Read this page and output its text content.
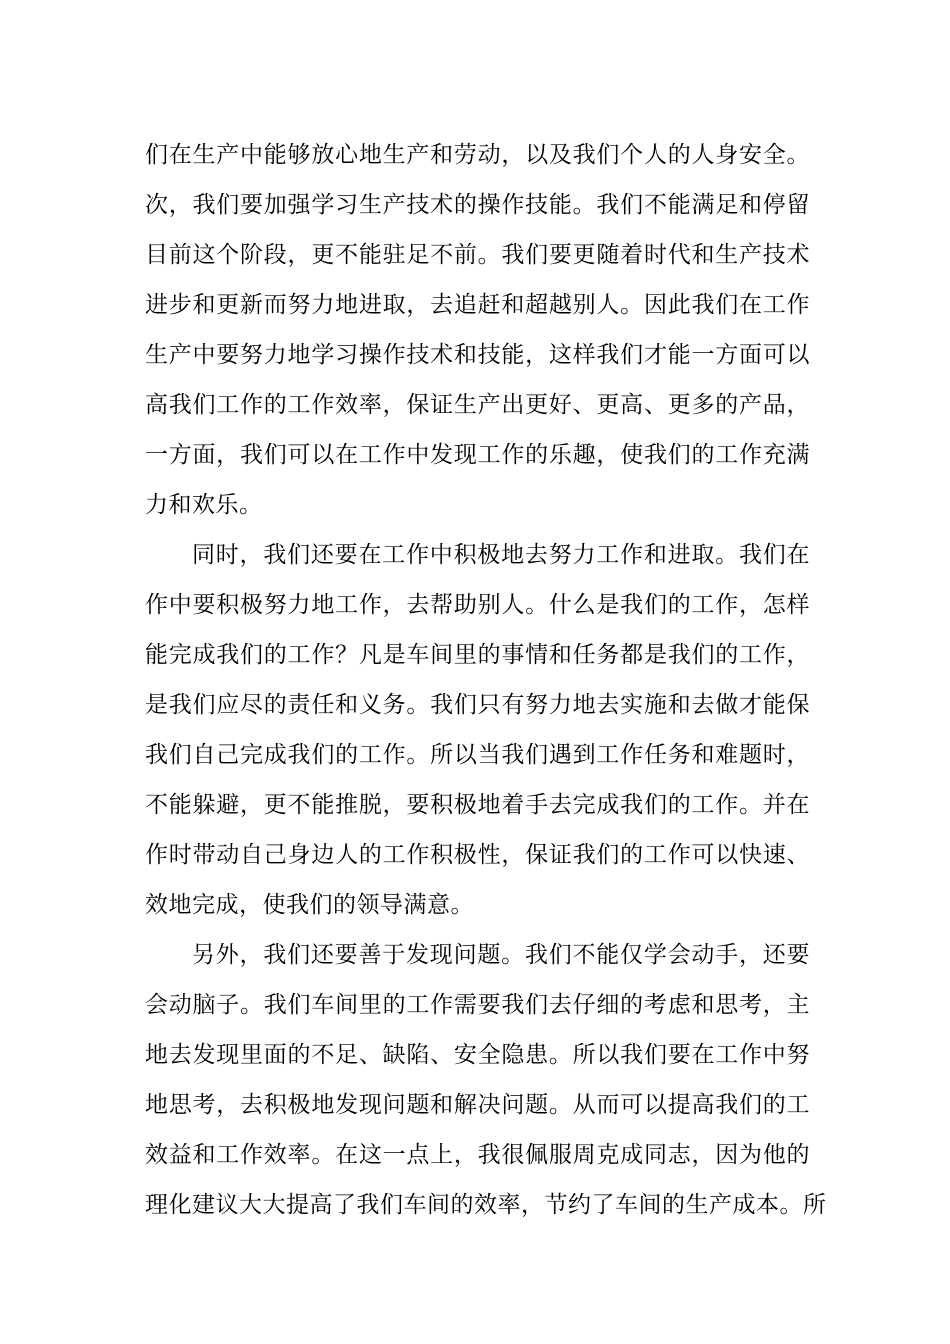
们在生产中能够放心地生产和劳动，以及我们个人的人身安全。
次，我们要加强学习生产技术的操作技能。我们不能满足和停留
目前这个阶段，更不能驻足不前。我们要更随着时代和生产技术
进步和更新而努力地进取，去追赶和超越别人。因此我们在工作
生产中要努力地学习操作技术和技能，这样我们才能一方面可以
高我们工作的工作效率，保证生产出更好、更高、更多的产品，
一方面，我们可以在工作中发现工作的乐趣，使我们的工作充满
力和欢乐。
同时，我们还要在工作中积极地去努力工作和进取。我们在
作中要积极努力地工作，去帮助别人。什么是我们的工作，怎样
能完成我们的工作？凡是车间里的事情和任务都是我们的工作，
是我们应尽的责任和义务。我们只有努力地去实施和去做才能保
我们自己完成我们的工作。所以当我们遇到工作任务和难题时，
不能躲避，更不能推脱，要积极地着手去完成我们的工作。并在
作时带动自己身边人的工作积极性，保证我们的工作可以快速、
效地完成，使我们的领导满意。
另外，我们还要善于发现问题。我们不能仅学会动手，还要
会动脑子。我们车间里的工作需要我们去仔细的考虑和思考，主
地去发现里面的不足、缺陷、安全隐患。所以我们要在工作中努
地思考，去积极地发现问题和解决问题。从而可以提高我们的工
效益和工作效率。在这一点上，我很佩服周克成同志，因为他的
理化建议大大提高了我们车间的效率，节约了车间的生产成本。所
